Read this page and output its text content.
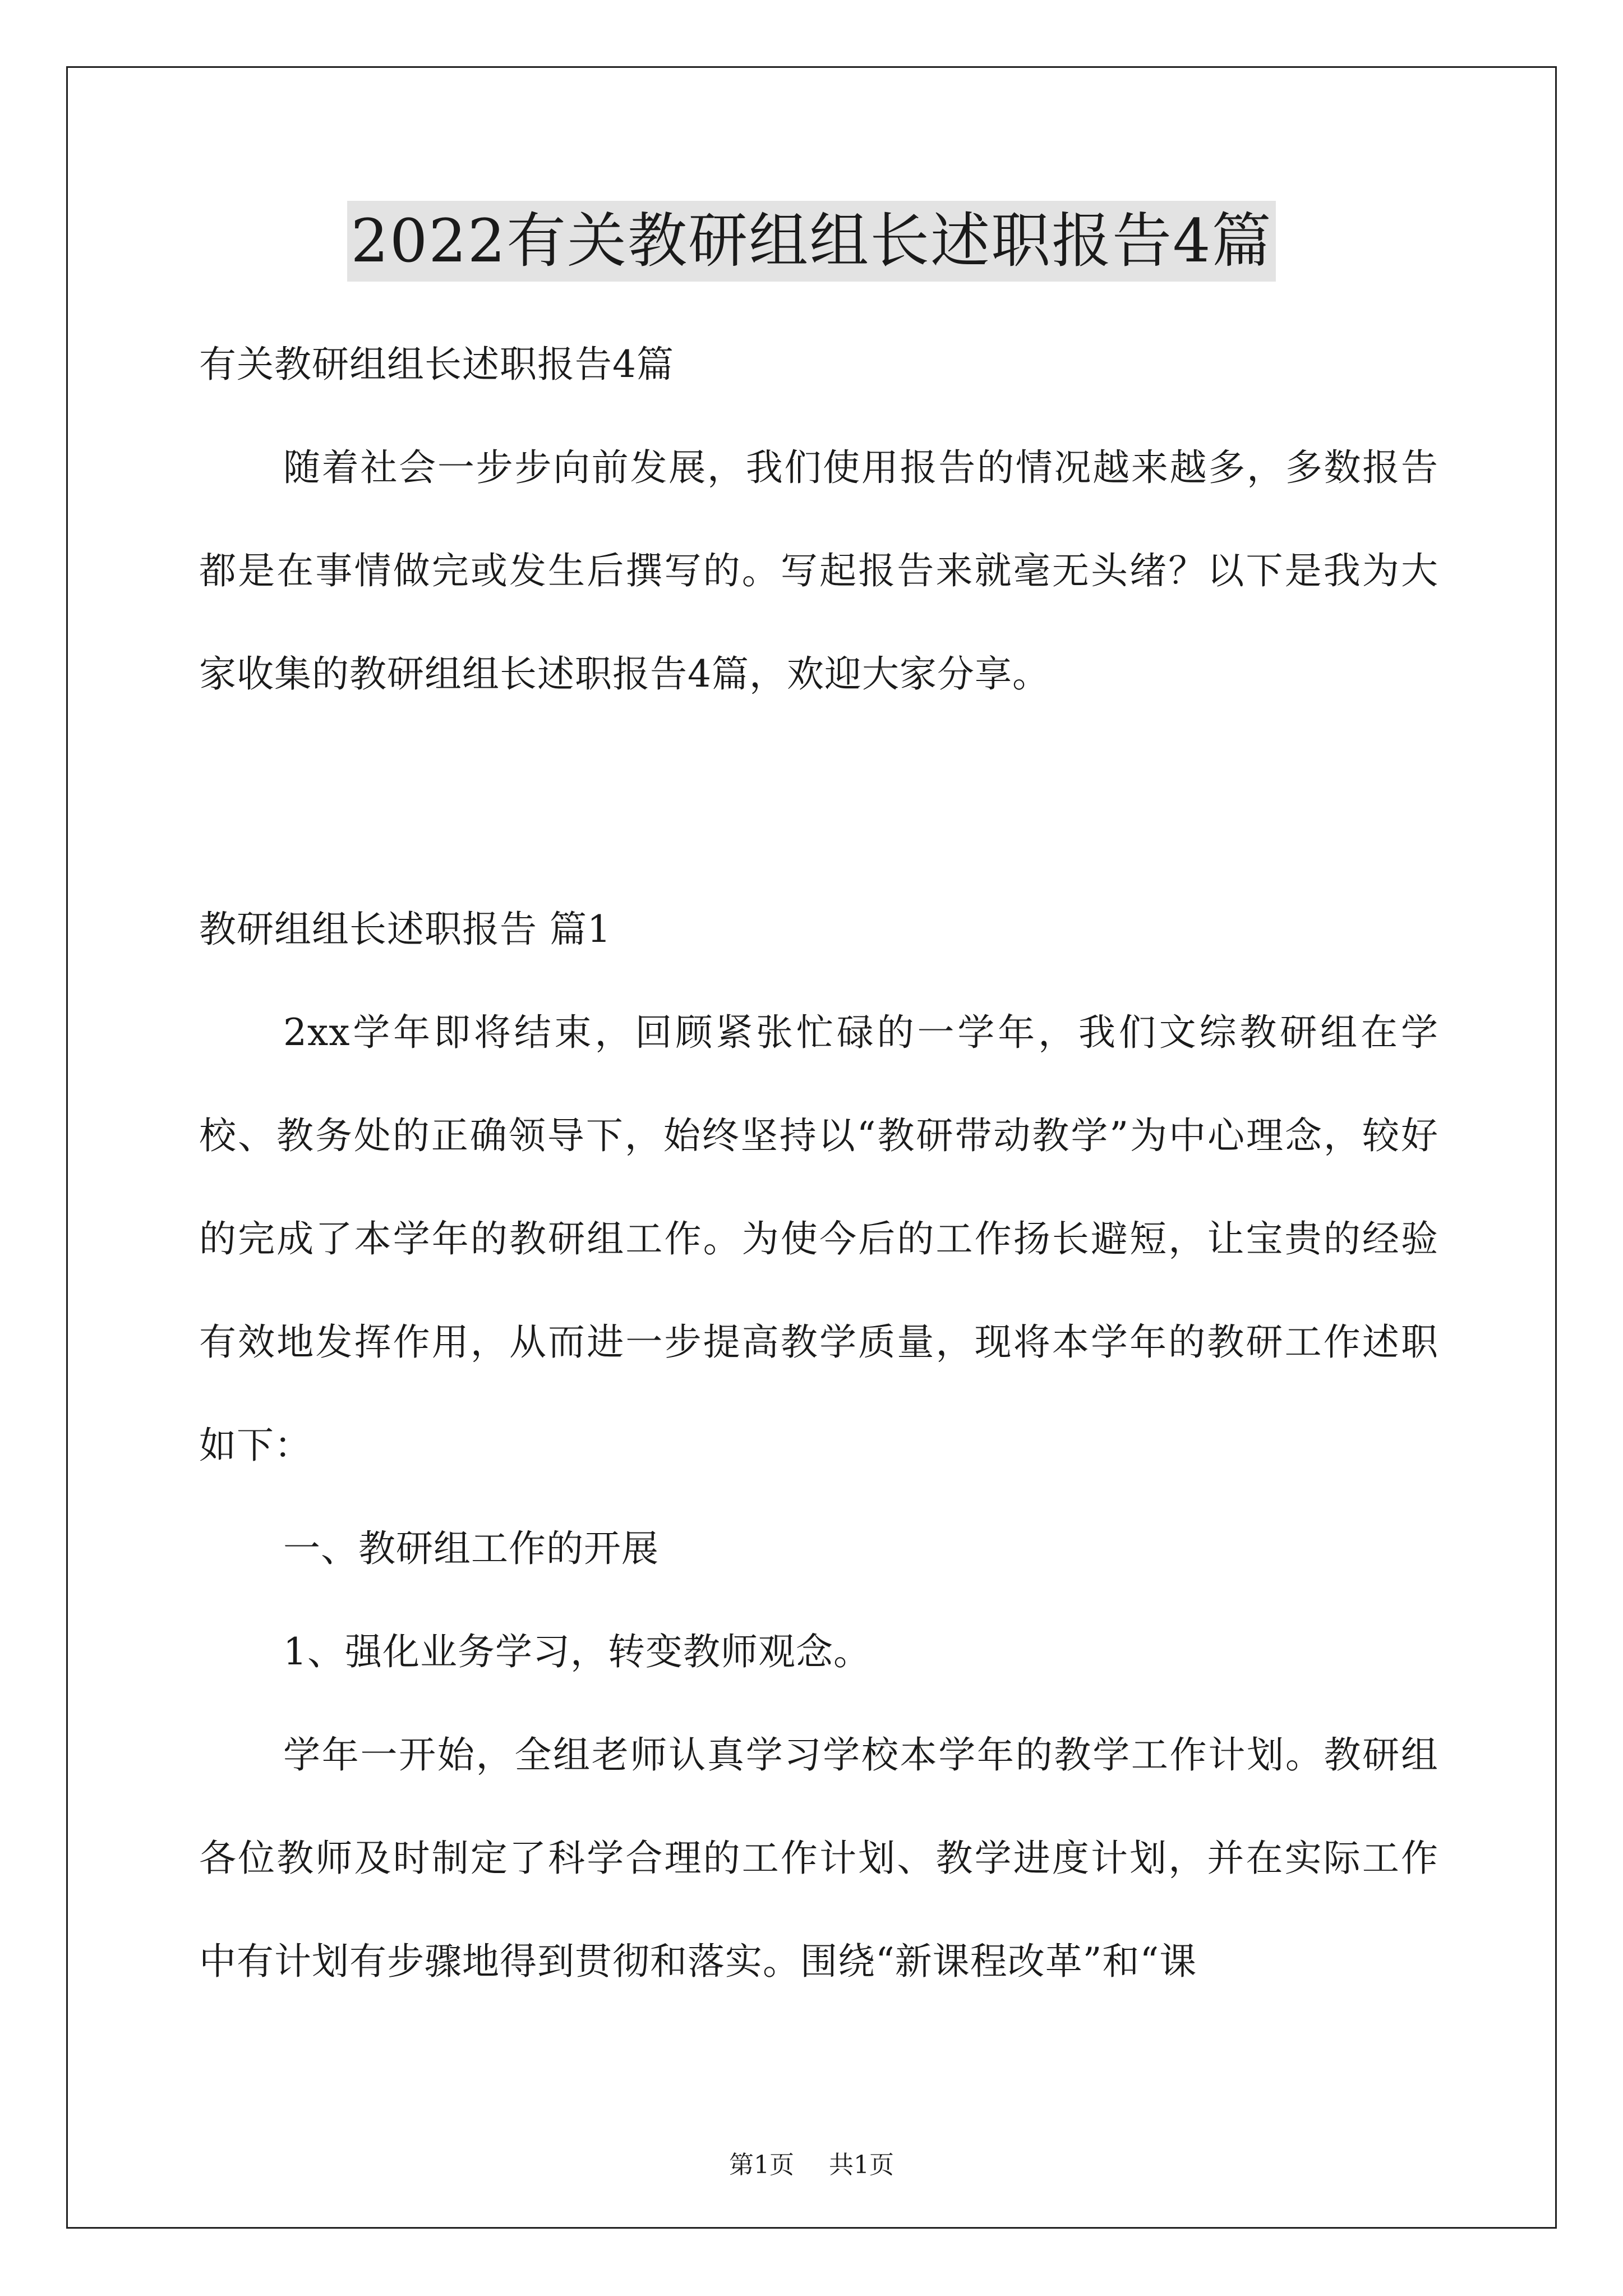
2022有关教研组组长述职报告4篇
有关教研组组长述职报告4篇
随着社会一步步向前发展，我们使用报告的情况越来越多，多数报告都是在事情做完或发生后撰写的。写起报告来就毫无头绪？以下是我为大家收集的教研组组长述职报告4篇，欢迎大家分享。
教研组组长述职报告 篇1
2xx学年即将结束，回顾紧张忙碌的一学年，我们文综教研组在学校、教务处的正确领导下，始终坚持以“教研带动教学”为中心理念，较好的完成了本学年的教研组工作。为使今后的工作扬长避短，让宝贵的经验有效地发挥作用，从而进一步提高教学质量，现将本学年的教研工作述职如下：
一、教研组工作的开展
1、强化业务学习，转变教师观念。
学年一开始，全组老师认真学习学校本学年的教学工作计划。教研组各位教师及时制定了科学合理的工作计划、教学进度计划，并在实际工作中有计划有步骤地得到贯彻和落实。围绕“新课程改革”和“课
第1页 共1页
